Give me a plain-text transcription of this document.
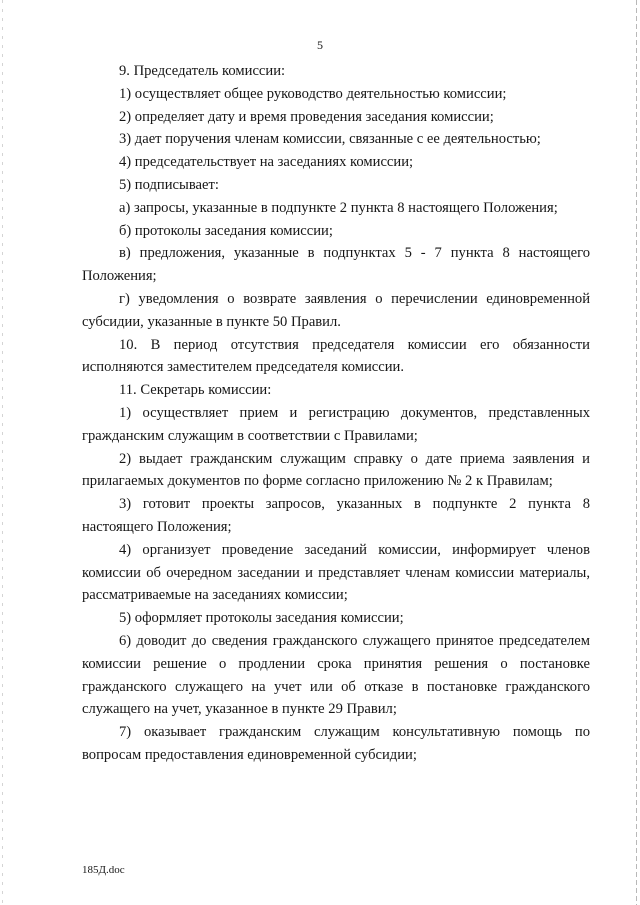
5

9. Председатель комиссии:

1) осуществляет общее руководство деятельностью комиссии;

2) определяет дату и время проведения заседания комиссии;

3) дает поручения членам комиссии, связанные с ее деятельностью;

4) председательствует на заседаниях комиссии;

5) подписывает:

а) запросы, указанные в подпункте 2 пункта 8 настоящего Положения;

б) протоколы заседания комиссии;

в) предложения, указанные в подпунктах 5 - 7 пункта 8 настоящего Положения;

г) уведомления о возврате заявления о перечислении единовременной субсидии, указанные в пункте 50 Правил.

10. В период отсутствия председателя комиссии его обязанности исполняются заместителем председателя комиссии.

11. Секретарь комиссии:

1) осуществляет прием и регистрацию документов, представленных гражданским служащим в соответствии с Правилами;

2) выдает гражданским служащим справку о дате приема заявления и прилагаемых документов по форме согласно приложению № 2 к Правилам;

3) готовит проекты запросов, указанных в подпункте 2 пункта 8 настоящего Положения;

4) организует проведение заседаний комиссии, информирует членов комиссии об очередном заседании и представляет членам комиссии материалы, рассматриваемые на заседаниях комиссии;

5) оформляет протоколы заседания комиссии;

6) доводит до сведения гражданского служащего принятое председателем комиссии решение о продлении срока принятия решения о постановке гражданского служащего на учет или об отказе в постановке гражданского служащего на учет, указанное в пункте 29 Правил;

7) оказывает гражданским служащим консультативную помощь по вопросам предоставления единовременной субсидии;

185Д.doc
